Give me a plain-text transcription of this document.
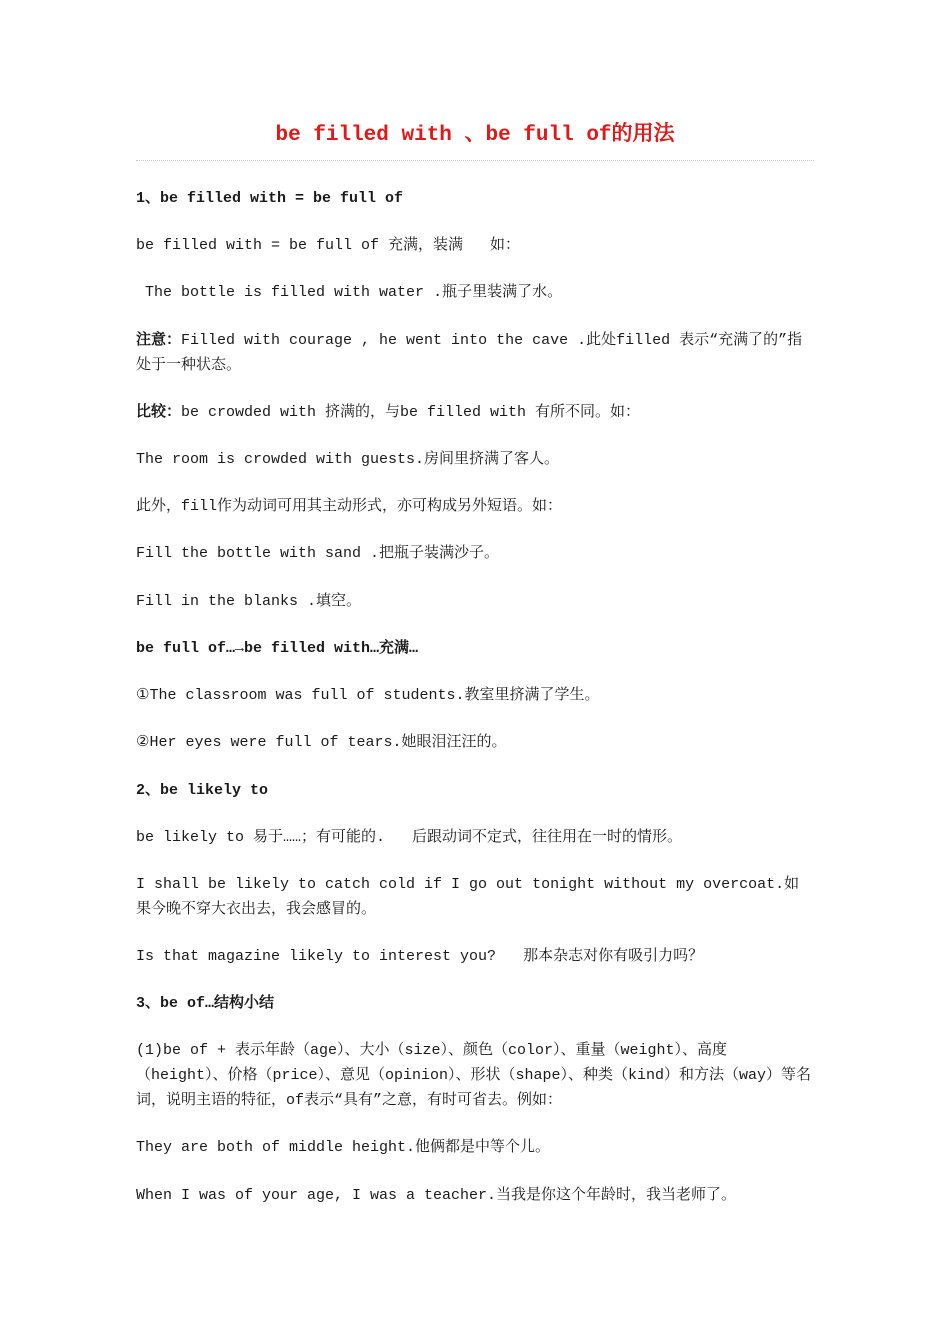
be filled with 、be full of的用法
1、be filled with = be full of
be filled with = be full of 充满，装满   如：
The bottle is filled with water .瓶子里装满了水。
注意：Filled with courage , he went into the cave .此处filled 表示“充满了的”指处于一种状态。
比较：be crowded with 挤满的，与be filled with 有所不同。如：
The room is crowded with guests.房间里挤满了客人。
此外，fill作为动词可用其主动形式，亦可构成另外短语。如：
Fill the bottle with sand .把瓶子装满沙子。
Fill in the blanks .填空。
be full of…→be filled with…充满…
①The classroom was full of students.教室里挤满了学生。
②Her eyes were full of tears.她眼泪汪汪的。
2、be likely to
be likely to 易于……；有可能的.   后跟动词不定式，往往用在一时的情形。
I shall be likely to catch cold if I go out tonight without my overcoat.如果今晚不穿大衣出去，我会感冒的。
Is that magazine likely to interest you?   那本杂志对你有吸引力吗？
3、be of…结构小结
(1)be of + 表示年龄（age）、大小（size）、颜色（color）、重量（weight）、高度（height）、价格（price）、意见（opinion）、形状（shape）、种类（kind）和方法（way）等名词，说明主语的特征，of表示“具有”之意，有时可省去。例如：
They are both of middle height.他俩都是中等个儿。
When I was of your age, I was a teacher.当我是你这个年龄时，我当老师了。
